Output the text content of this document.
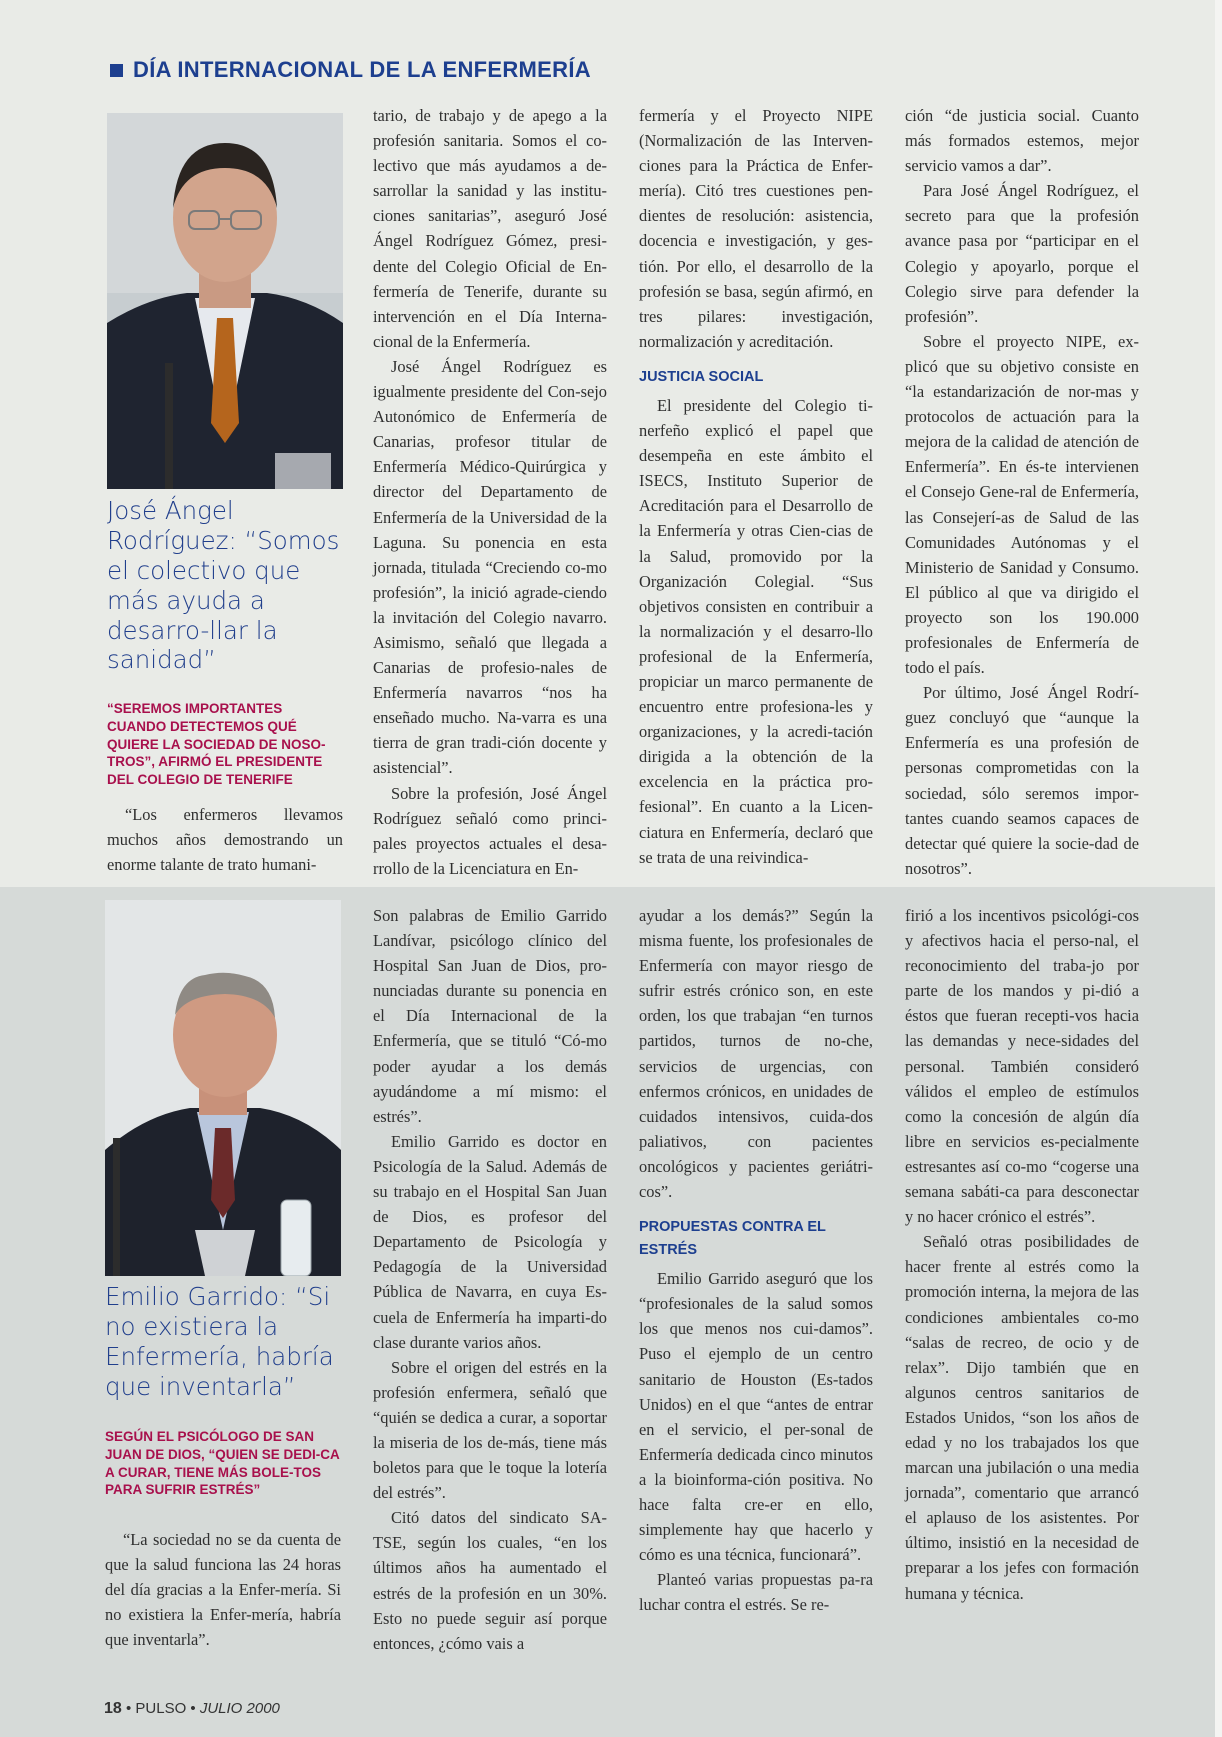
DÍA INTERNACIONAL DE LA ENFERMERÍA
José Ángel Rodríguez: “Somos el colectivo que más ayuda a desarro-llar la sanidad”
“SEREMOS IMPORTANTES CUANDO DETECTEMOS QUÉ QUIERE LA SOCIEDAD DE NOSO-TROS”, AFIRMÓ EL PRESIDENTE DEL COLEGIO DE TENERIFE

“Los enfermeros llevamos muchos años demostrando un enorme talante de trato humani-

tario, de trabajo y de apego a la profesión sanitaria. Somos el co-lectivo que más ayudamos a de-sarrollar la sanidad y las institu-ciones sanitarias”, aseguró José Ángel Rodríguez Gómez, presi-dente del Colegio Oficial de En-fermería de Tenerife, durante su intervención en el Día Interna-cional de la Enfermería.

José Ángel Rodríguez es igualmente presidente del Con-sejo Autonómico de Enfermería de Canarias, profesor titular de Enfermería Médico-Quirúrgica y director del Departamento de Enfermería de la Universidad de la Laguna. Su ponencia en esta jornada, titulada “Creciendo co-mo profesión”, la inició agrade-ciendo la invitación del Colegio navarro. Asimismo, señaló que llegada a Canarias de profesio-nales de Enfermería navarros “nos ha enseñado mucho. Na-varra es una tierra de gran tradi-ción docente y asistencial”.

Sobre la profesión, José Ángel Rodríguez señaló como princi-pales proyectos actuales el desa-rrollo de la Licenciatura en En-

fermería y el Proyecto NIPE (Normalización de las Interven-ciones para la Práctica de Enfer-mería). Citó tres cuestiones pen-dientes de resolución: asistencia, docencia e investigación, y ges-tión. Por ello, el desarrollo de la profesión se basa, según afirmó, en tres pilares: investigación, normalización y acreditación.

JUSTICIA SOCIAL

El presidente del Colegio ti-nerfeño explicó el papel que desempeña en este ámbito el ISECS, Instituto Superior de Acreditación para el Desarrollo de la Enfermería y otras Cien-cias de la Salud, promovido por la Organización Colegial. “Sus objetivos consisten en contribuir a la normalización y el desarro-llo profesional de la Enfermería, propiciar un marco permanente de encuentro entre profesiona-les y organizaciones, y la acredi-tación dirigida a la obtención de la excelencia en la práctica pro-fesional”. En cuanto a la Licen-ciatura en Enfermería, declaró que se trata de una reivindica-

ción “de justicia social. Cuanto más formados estemos, mejor servicio vamos a dar”.

Para José Ángel Rodríguez, el secreto para que la profesión avance pasa por “participar en el Colegio y apoyarlo, porque el Colegio sirve para defender la profesión”.

Sobre el proyecto NIPE, ex-plicó que su objetivo consiste en “la estandarización de nor-mas y protocolos de actuación para la mejora de la calidad de atención de Enfermería”. En és-te intervienen el Consejo Gene-ral de Enfermería, las Consejerí-as de Salud de las Comunidades Autónomas y el Ministerio de Sanidad y Consumo. El público al que va dirigido el proyecto son los 190.000 profesionales de Enfermería de todo el país.

Por último, José Ángel Rodrí-guez concluyó que “aunque la Enfermería es una profesión de personas comprometidas con la sociedad, sólo seremos impor-tantes cuando seamos capaces de detectar qué quiere la socie-dad de nosotros”.

Emilio Garrido: “Si no existiera la Enfermería, habría que inventarla”
SEGÚN EL PSICÓLOGO DE SAN JUAN DE DIOS, “QUIEN SE DEDI-CA A CURAR, TIENE MÁS BOLE-TOS PARA SUFRIR ESTRÉS”

“La sociedad no se da cuenta de que la salud funciona las 24 horas del día gracias a la Enfer-mería. Si no existiera la Enfer-mería, habría que inventarla”.

Son palabras de Emilio Garrido Landívar, psicólogo clínico del Hospital San Juan de Dios, pro-nunciadas durante su ponencia en el Día Internacional de la Enfermería, que se tituló “Có-mo poder ayudar a los demás ayudándome a mí mismo: el estrés”.

Emilio Garrido es doctor en Psicología de la Salud. Además de su trabajo en el Hospital San Juan de Dios, es profesor del Departamento de Psicología y Pedagogía de la Universidad Pública de Navarra, en cuya Es-cuela de Enfermería ha imparti-do clase durante varios años.

Sobre el origen del estrés en la profesión enfermera, señaló que “quién se dedica a curar, a soportar la miseria de los de-más, tiene más boletos para que le toque la lotería del estrés”.

Citó datos del sindicato SA-TSE, según los cuales, “en los últimos años ha aumentado el estrés de la profesión en un 30%. Esto no puede seguir así porque entonces, ¿cómo vais a

ayudar a los demás?” Según la misma fuente, los profesionales de Enfermería con mayor riesgo de sufrir estrés crónico son, en este orden, los que trabajan “en turnos partidos, turnos de no-che, servicios de urgencias, con enfermos crónicos, en unidades de cuidados intensivos, cuida-dos paliativos, con pacientes oncológicos y pacientes geriátri-cos”.

PROPUESTAS CONTRA EL ESTRÉS

Emilio Garrido aseguró que los “profesionales de la salud somos los que menos nos cui-damos”. Puso el ejemplo de un centro sanitario de Houston (Es-tados Unidos) en el que “antes de entrar en el servicio, el per-sonal de Enfermería dedicada cinco minutos a la bioinforma-ción positiva. No hace falta cre-er en ello, simplemente hay que hacerlo y cómo es una técnica, funcionará”.

Planteó varias propuestas pa-ra luchar contra el estrés. Se re-

firió a los incentivos psicológi-cos y afectivos hacia el perso-nal, el reconocimiento del traba-jo por parte de los mandos y pi-dió a éstos que fueran recepti-vos hacia las demandas y nece-sidades del personal. También consideró válidos el empleo de estímulos como la concesión de algún día libre en servicios es-pecialmente estresantes así co-mo “cogerse una semana sabáti-ca para desconectar y no hacer crónico el estrés”.

Señaló otras posibilidades de hacer frente al estrés como la promoción interna, la mejora de las condiciones ambientales co-mo “salas de recreo, de ocio y de relax”. Dijo también que en algunos centros sanitarios de Estados Unidos, “son los años de edad y no los trabajados los que marcan una jubilación o una media jornada”, comentario que arrancó el aplauso de los asistentes. Por último, insistió en la necesidad de preparar a los jefes con formación humana y técnica.

18 • PULSO • JULIO 2000
